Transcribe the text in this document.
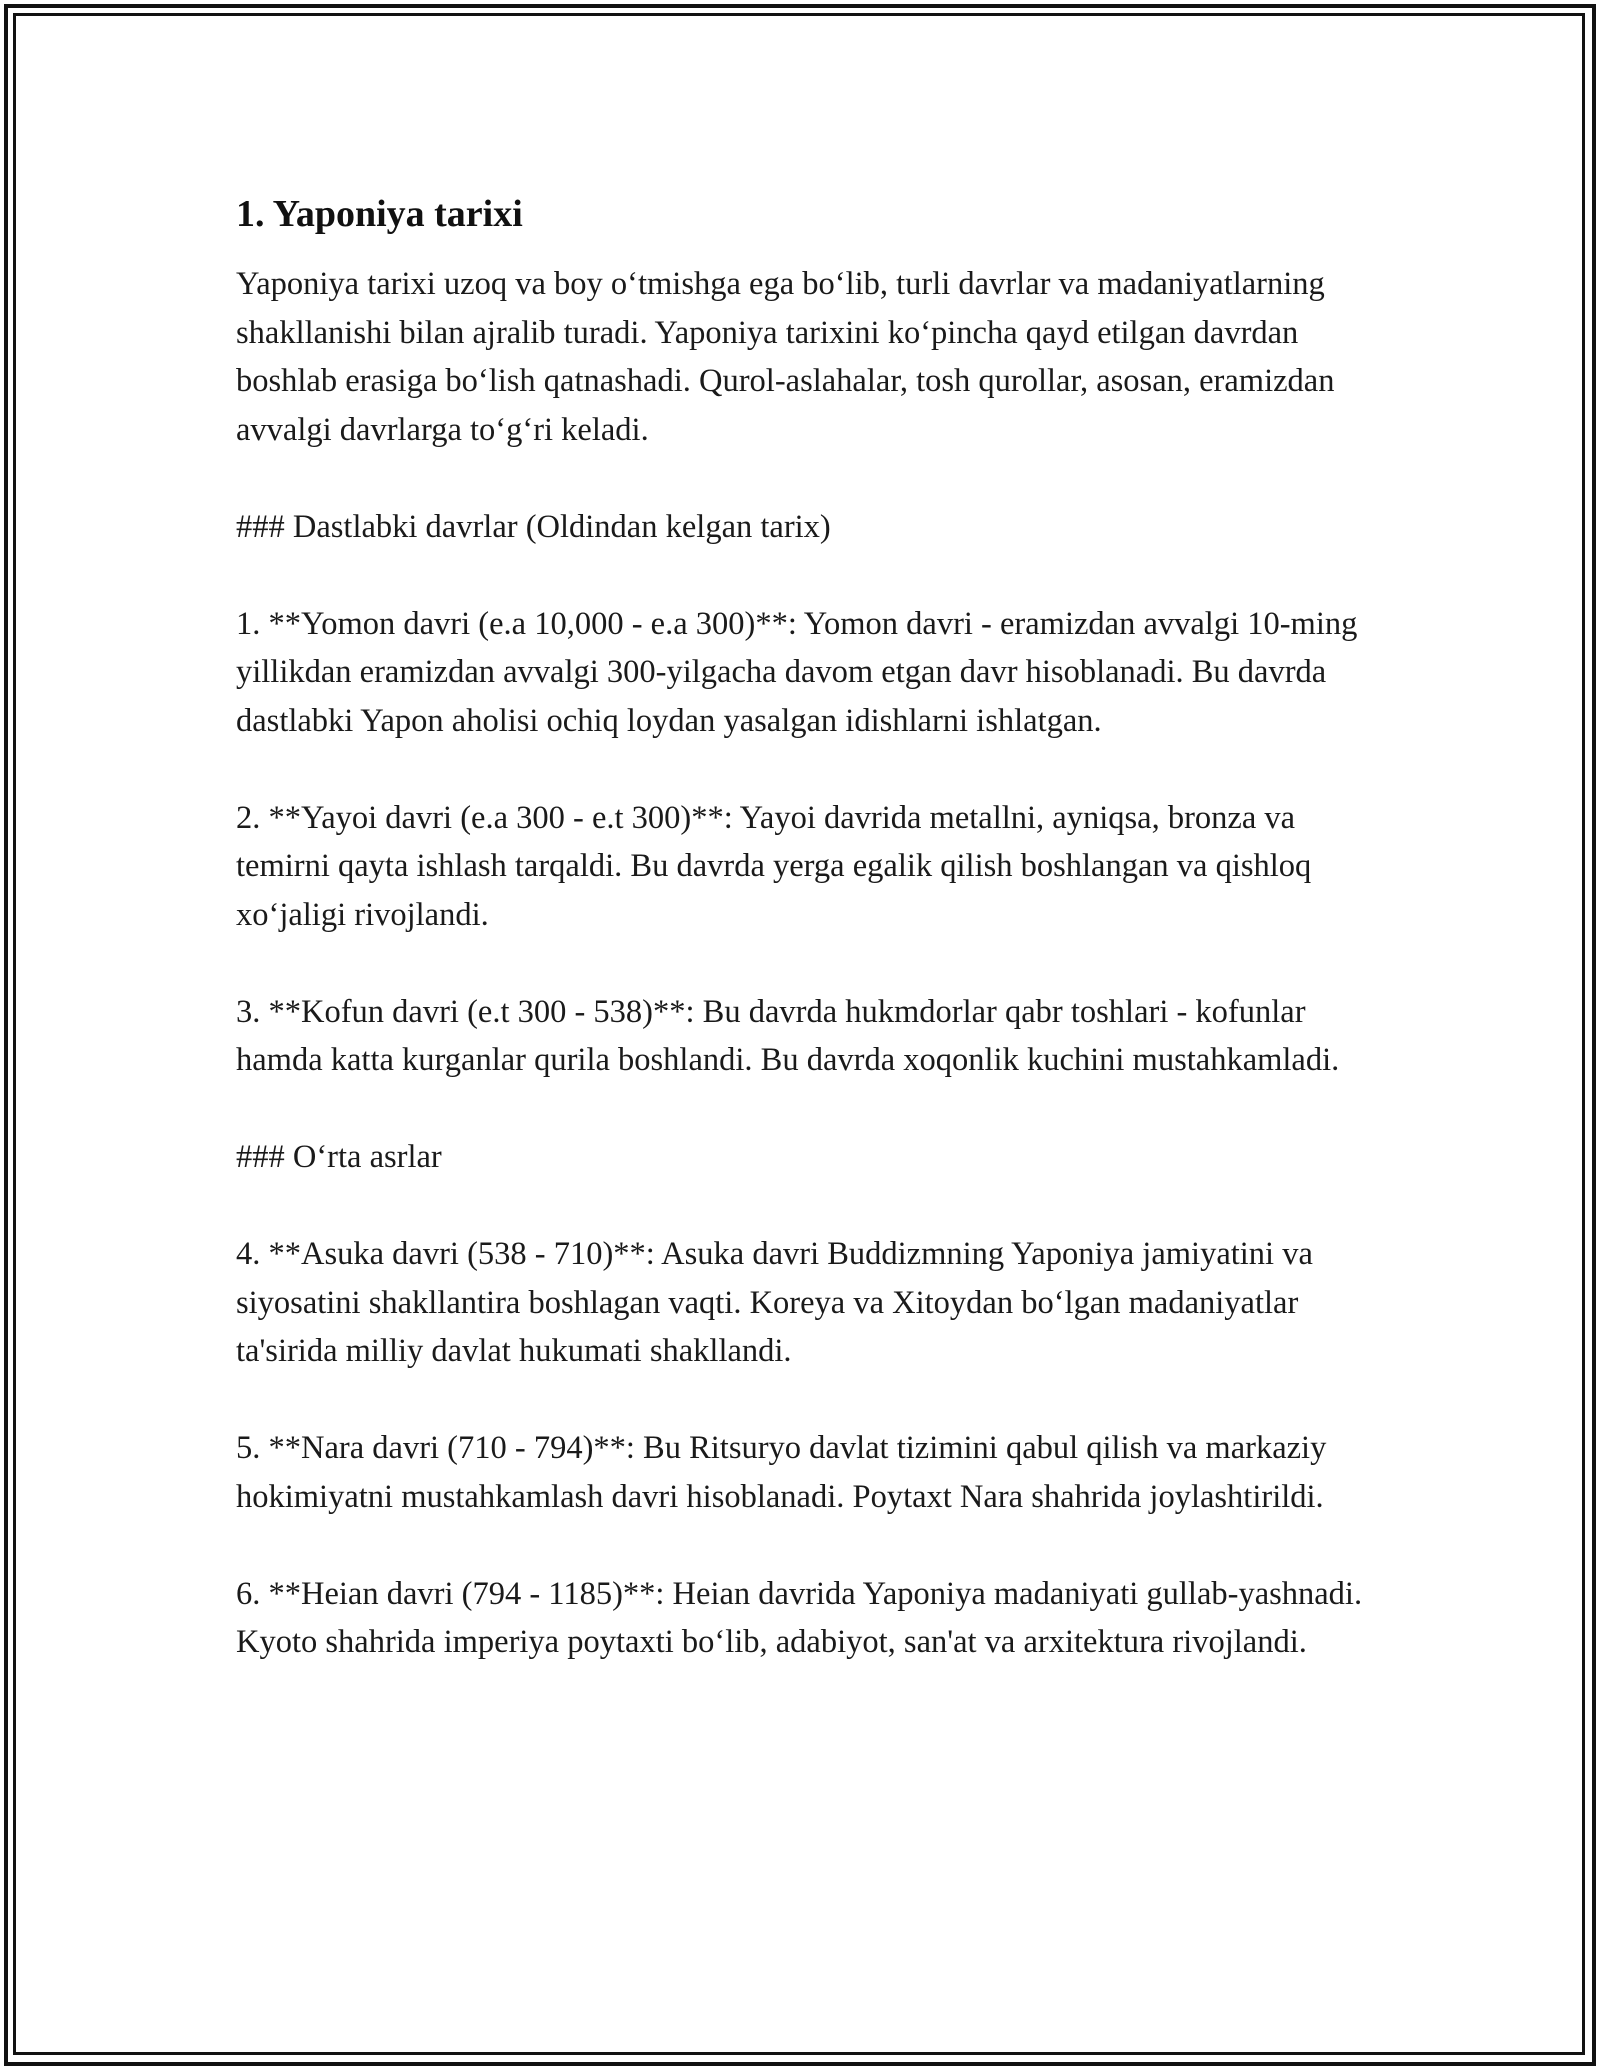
1. Yaponiya tarixi

Yaponiya tarixi uzoq va boy o‘tmishga ega bo‘lib, turli davrlar va madaniyatlarning shakllanishi bilan ajralib turadi. Yaponiya tarixini ko‘pincha qayd etilgan davrdan boshlab erasiga bo‘lish qatnashadi. Qurol-aslahalar, tosh qurollar, asosan, eramizdan avvalgi davrlarga to‘g‘ri keladi.

### Dastlabki davrlar (Oldindan kelgan tarix)

1. **Yomon davri (e.a 10,000 - e.a 300)**: Yomon davri - eramizdan avvalgi 10-ming yillikdan eramizdan avvalgi 300-yilgacha davom etgan davr hisoblanadi. Bu davrda dastlabki Yapon aholisi ochiq loydan yasalgan idishlarni ishlatgan.

2. **Yayoi davri (e.a 300 - e.t 300)**: Yayoi davrida metallni, ayniqsa, bronza va temirni qayta ishlash tarqaldi. Bu davrda yerga egalik qilish boshlangan va qishloq xo‘jaligi rivojlandi.

3. **Kofun davri (e.t 300 - 538)**: Bu davrda hukmdorlar qabr toshlari - kofunlar hamda katta kurganlar qurila boshlandi. Bu davrda xoqonlik kuchini mustahkamladi.

### O‘rta asrlar

4. **Asuka davri (538 - 710)**: Asuka davri Buddizmning Yaponiya jamiyatini va siyosatini shakllantira boshlagan vaqti. Koreya va Xitoydan bo‘lgan madaniyatlar ta'sirida milliy davlat hukumati shakllandi.

5. **Nara davri (710 - 794)**: Bu Ritsuryo davlat tizimini qabul qilish va markaziy hokimiyatni mustahkamlash davri hisoblanadi. Poytaxt Nara shahrida joylashtirildi.

6. **Heian davri (794 - 1185)**: Heian davrida Yaponiya madaniyati gullab-yashnadi. Kyoto shahrida imperiya poytaxti bo‘lib, adabiyot, san'at va arxitektura rivojlandi.
